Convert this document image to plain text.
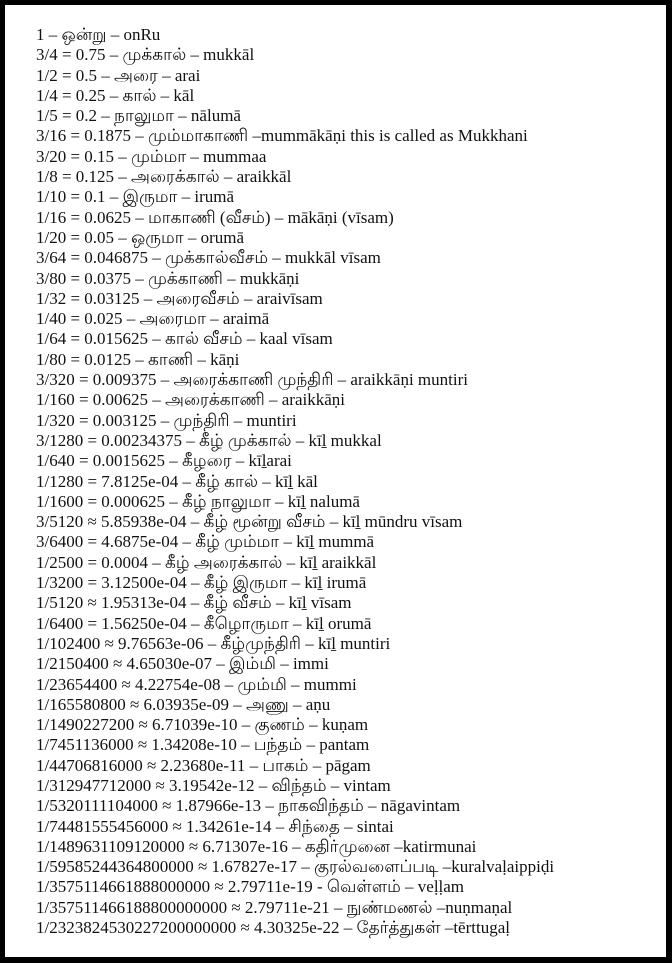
1 – ஒன்று – onRu
3/4 = 0.75 – முக்கால் – mukkāl
1/2 = 0.5 – அரை – arai
1/4 = 0.25 – கால் – kāl
1/5 = 0.2 – நாலுமா – nālumā
3/16 = 0.1875 – மும்மாகாணி –mummākāṇi this is called as Mukkhani
3/20 = 0.15 – மும்மா – mummaa
1/8 = 0.125 – அரைக்கால் – araikkāl
1/10 = 0.1 – இருமா – irumā
1/16 = 0.0625 – மாகாணி (வீசம்) – mākāṇi (vīsam)
1/20 = 0.05 – ஒருமா – orumā
3/64 = 0.046875 – முக்கால்வீசம் – mukkāl vīsam
3/80 = 0.0375 – முக்காணி – mukkāṇi
1/32 = 0.03125 – அரைவீசம் – araivīsam
1/40 = 0.025 – அரைமா – araimā
1/64 = 0.015625 – கால் வீசம் – kaal vīsam
1/80 = 0.0125 – காணி – kāṇi
3/320 = 0.009375 – அரைக்காணி முந்திரி – araikkāṇi muntiri
1/160 = 0.00625 – அரைக்காணி – araikkāṇi
1/320 = 0.003125 – முந்திரி – muntiri
3/1280 = 0.00234375 – கீழ் முக்கால் – kīḻ mukkal
1/640 = 0.0015625 – கீழரை – kīḻarai
1/1280 = 7.8125e-04 – கீழ் கால் – kīḻ kāl
1/1600 = 0.000625 – கீழ் நாலுமா – kīḻ nalumā
3/5120 ≈ 5.85938e-04 – கீழ் மூன்று வீசம் – kīḻ mūndru vīsam
3/6400 = 4.6875e-04 – கீழ் மும்மா – kīḻ mummā
1/2500 = 0.0004 – கீழ் அரைக்கால் – kīḻ araikkāl
1/3200 = 3.12500e-04 – கீழ் இருமா – kīḻ irumā
1/5120 ≈ 1.95313e-04 – கீழ் வீசம் – kīḻ vīsam
1/6400 = 1.56250e-04 – கீழொருமா – kīḻ orumā
1/102400 ≈ 9.76563e-06 – கீழ்முந்திரி – kīḻ muntiri
1/2150400 ≈ 4.65030e-07 – இம்மி – immi
1/23654400 ≈ 4.22754e-08 – மும்மி – mummi
1/165580800 ≈ 6.03935e-09 – அணு – aṇu
1/1490227200 ≈ 6.71039e-10 – குணம் – kuṇam
1/7451136000 ≈ 1.34208e-10 – பந்தம் – pantam
1/44706816000 ≈ 2.23680e-11 – பாகம் – pāgam
1/312947712000 ≈ 3.19542e-12 – விந்தம் – vintam
1/5320111104000 ≈ 1.87966e-13 – நாகவிந்தம் – nāgavintam
1/74481555456000 ≈ 1.34261e-14 – சிந்தை – sintai
1/1489631109120000 ≈ 6.71307e-16 – கதிர்முனை –katirmunai
1/59585244364800000 ≈ 1.67827e-17 – குரல்வளைப்படி –kuralvaḷaippiḍi
1/3575114661888000000 ≈ 2.79711e-19 - வெள்ளம் – veḷḷam
1/357511466188800000000 ≈ 2.79711e-21 – நுண்மணல் –nuṇmaṇal
1/2323824530227200000000 ≈ 4.30325e-22 – தேர்த்துகள் –tērttugaḷ
